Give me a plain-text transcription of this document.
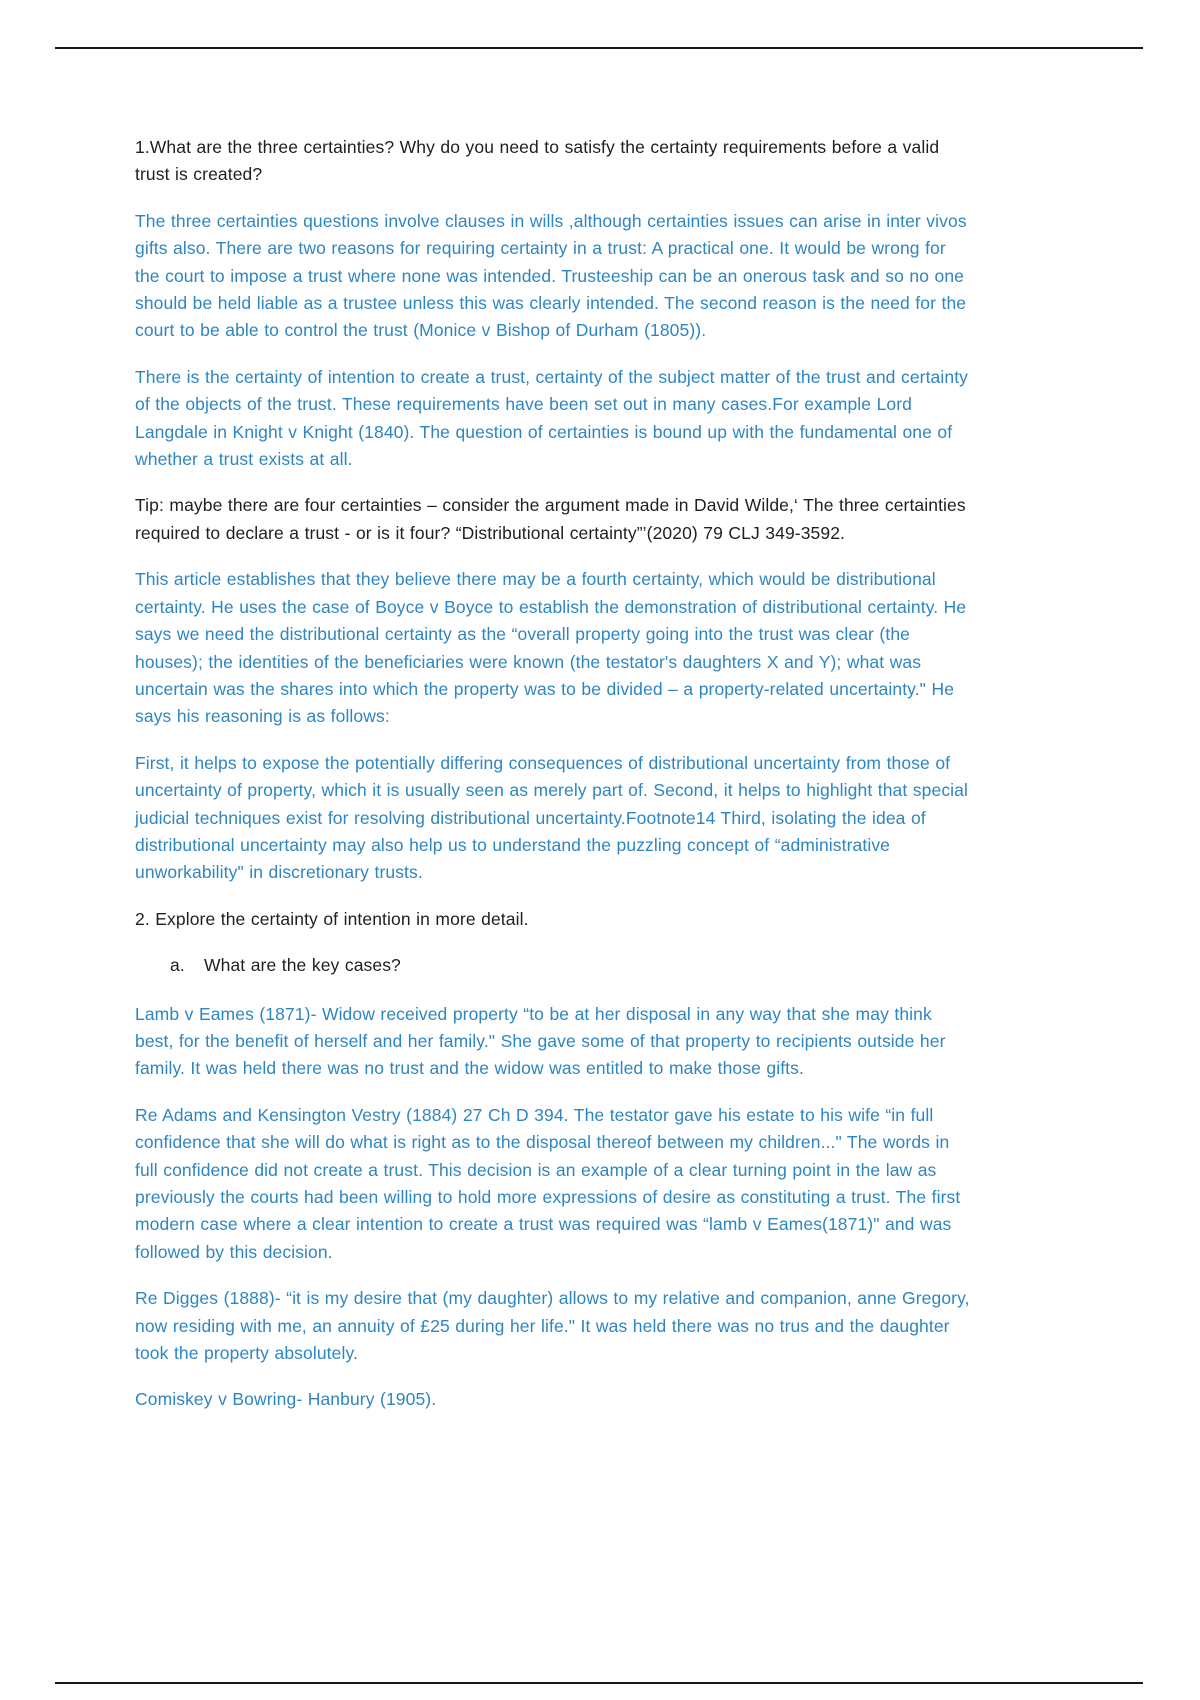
1.What are the three certainties? Why do you need to satisfy the certainty requirements before a valid trust is created?

The three certainties questions involve clauses in wills ,although certainties issues can arise in inter vivos gifts also. There are two reasons for requiring certainty in a trust: A practical one. It would be wrong for the court to impose a trust where none was intended. Trusteeship can be an onerous task and so no one should be held liable as a trustee unless this was clearly intended. The second reason is the need for the court to be able to control the trust (Monice v Bishop of Durham (1805)).

There is the certainty of intention to create a trust, certainty of the subject matter of the trust and certainty of the objects of the trust. These requirements have been set out in many cases.For example Lord Langdale in Knight v Knight (1840). The question of certainties is bound up with the fundamental one of whether a trust exists at all.

Tip: maybe there are four certainties – consider the argument made in David Wilde,‘ The three certainties required to declare a trust - or is it four? “Distributional certainty”’(2020) 79 CLJ 349-3592.

This article establishes that they believe there may be a fourth certainty, which would be distributional certainty. He uses the case of Boyce v Boyce to establish the demonstration of distributional certainty. He says we need the distributional certainty as the “overall property going into the trust was clear (the houses); the identities of the beneficiaries were known (the testator's daughters X and Y); what was uncertain was the shares into which the property was to be divided – a property-related uncertainty." He says his reasoning is as follows:

First, it helps to expose the potentially differing consequences of distributional uncertainty from those of uncertainty of property, which it is usually seen as merely part of. Second, it helps to highlight that special judicial techniques exist for resolving distributional uncertainty.Footnote14 Third, isolating the idea of distributional uncertainty may also help us to understand the puzzling concept of “administrative unworkability" in discretionary trusts.

2. Explore the certainty of intention in more detail.

a. What are the key cases?

Lamb v Eames (1871)- Widow received property “to be at her disposal in any way that she may think best, for the benefit of herself and her family." She gave some of that property to recipients outside her family. It was held there was no trust and the widow was entitled to make those gifts.

Re Adams and Kensington Vestry (1884) 27 Ch D 394. The testator gave his estate to his wife “in full confidence that she will do what is right as to the disposal thereof between my children..." The words in full confidence did not create a trust. This decision is an example of a clear turning point in the law as previously the courts had been willing to hold more expressions of desire as constituting a trust. The first modern case where a clear intention to create a trust was required was “lamb v Eames(1871)" and was followed by this decision.

Re Digges (1888)- “it is my desire that (my daughter) allows to my relative and companion, anne Gregory, now residing with me, an annuity of £25 during her life." It was held there was no trus and the daughter took the property absolutely.

Comiskey v Bowring- Hanbury (1905).
